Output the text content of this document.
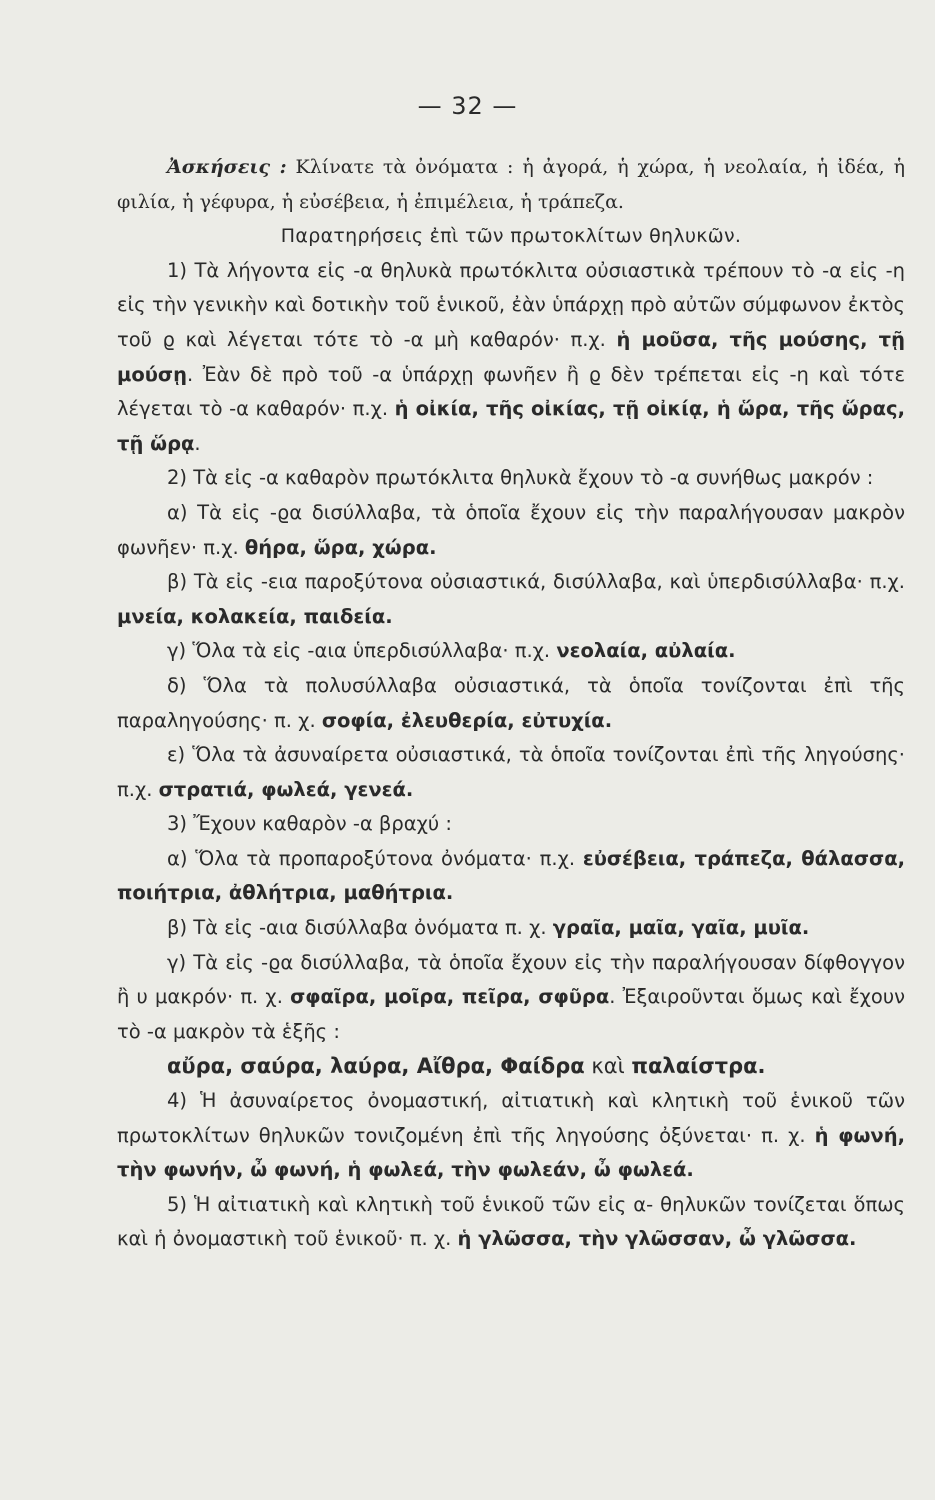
— 32 —

Ἀσκήσεις : Κλίνατε τὰ ὀνόματα : ἡ ἀγορά, ἡ χώρα, ἡ νεολαία, ἡ ἰδέα, ἡ φιλία, ἡ γέφυρα, ἡ εὐσέβεια, ἡ ἐπιμέλεια, ἡ τράπεζα.

Παρατηρήσεις ἐπὶ τῶν πρωτοκλίτων θηλυκῶν.

1) Τὰ λήγοντα εἰς -α θηλυκὰ πρωτόκλιτα οὐσιαστικὰ τρέπουν τὸ -α εἰς -η εἰς τὴν γενικὴν καὶ δοτικὴν τοῦ ἑνικοῦ, ἐὰν ὑπάρχῃ πρὸ αὐτῶν σύμφωνον ἐκτὸς τοῦ ϱ καὶ λέγεται τότε τὸ -α μὴ καθαρόν· π.χ. ἡ μοῦσα, τῆς μούσης, τῇ μούσῃ. Ἐὰν δὲ πρὸ τοῦ -α ὑπάρχῃ φωνῆεν ἢ ϱ δὲν τρέπεται εἰς -η καὶ τότε λέγεται τὸ -α καθαρόν· π.χ. ἡ οἰκία, τῆς οἰκίας, τῇ οἰκίᾳ, ἡ ὥρα, τῆς ὥρας, τῇ ὥρᾳ.

2) Τὰ εἰς -α καθαρὸν πρωτόκλιτα θηλυκὰ ἔχουν τὸ -α συνήθως μακρόν :

α) Τὰ εἰς -ϱα δισύλλαβα, τὰ ὁποῖα ἔχουν εἰς τὴν παραλήγουσαν μακρὸν φωνῆεν· π.χ. θήρα, ὥρα, χώρα.

β) Τὰ εἰς -εια παροξύτονα οὐσιαστικά, δισύλλαβα, καὶ ὑπερδισύλλαβα· π.χ. μνεία, κολακεία, παιδεία.

γ) Ὅλα τὰ εἰς -αια ὑπερδισύλλαβα· π.χ. νεολαία, αὐλαία.

δ) Ὅλα τὰ πολυσύλλαβα οὐσιαστικά, τὰ ὁποῖα τονίζονται ἐπὶ τῆς παραληγούσης· π. χ. σοφία, ἐλευθερία, εὐτυχία.

ε) Ὅλα τὰ ἀσυναίρετα οὐσιαστικά, τὰ ὁποῖα τονίζονται ἐπὶ τῆς ληγούσης· π.χ. στρατιά, φωλεά, γενεά.

3) Ἔχουν καθαρὸν -α βραχύ :

α) Ὅλα τὰ προπαροξύτονα ὀνόματα· π.χ. εὐσέβεια, τράπεζα, θάλασσα, ποιήτρια, ἀθλήτρια, μαθήτρια.

β) Τὰ εἰς -αια δισύλλαβα ὀνόματα π. χ. γραῖα, μαῖα, γαῖα, μυῖα.

γ) Τὰ εἰς -ϱα δισύλλαβα, τὰ ὁποῖα ἔχουν εἰς τὴν παραλήγουσαν δίφθογγον ἢ υ μακρόν· π. χ. σφαῖρα, μοῖρα, πεῖρα, σφῦρα. Ἐξαιροῦνται ὅμως καὶ ἔχουν τὸ -α μακρὸν τὰ ἑξῆς :

αὔρα, σαύρα, λαύρα, Αἴθρα, Φαίδρα καὶ παλαίστρα.

4) Ἡ ἀσυναίρετος ὀνομαστική, αἰτιατικὴ καὶ κλητικὴ τοῦ ἑνικοῦ τῶν πρωτοκλίτων θηλυκῶν τονιζομένη ἐπὶ τῆς ληγούσης ὀξύνεται· π. χ. ἡ φωνή, τὴν φωνήν, ὦ φωνή, ἡ φωλεά, τὴν φωλεάν, ὦ φωλεά.

5) Ἡ αἰτιατικὴ καὶ κλητικὴ τοῦ ἑνικοῦ τῶν εἰς α- θηλυκῶν τονίζεται ὅπως καὶ ἡ ὀνομαστικὴ τοῦ ἑνικοῦ· π. χ. ἡ γλῶσσα, τὴν γλῶσσαν, ὦ γλῶσσα.
